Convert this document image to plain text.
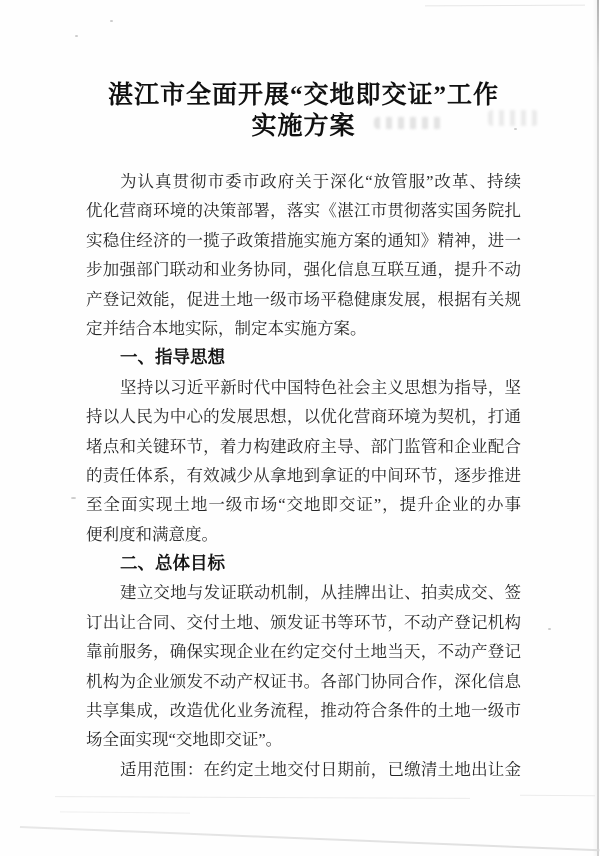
湛江市全面开展“交地即交证”工作
实施方案
为认真贯彻市委市政府关于深化“放管服”改革、持续
优化营商环境的决策部署，落实《湛江市贯彻落实国务院扎
实稳住经济的一揽子政策措施实施方案的通知》精神，进一
步加强部门联动和业务协同，强化信息互联互通，提升不动
产登记效能，促进土地一级市场平稳健康发展，根据有关规
定并结合本地实际，制定本实施方案。
一、指导思想
坚持以习近平新时代中国特色社会主义思想为指导，坚
持以人民为中心的发展思想，以优化营商环境为契机，打通
堵点和关键环节，着力构建政府主导、部门监管和企业配合
的责任体系，有效减少从拿地到拿证的中间环节，逐步推进
至全面实现土地一级市场“交地即交证”，提升企业的办事
便利度和满意度。
二、总体目标
建立交地与发证联动机制，从挂牌出让、拍卖成交、签
订出让合同、交付土地、颁发证书等环节，不动产登记机构
靠前服务，确保实现企业在约定交付土地当天，不动产登记
机构为企业颁发不动产权证书。各部门协同合作，深化信息
共享集成，改造优化业务流程，推动符合条件的土地一级市
场全面实现“交地即交证”。
适用范围：在约定土地交付日期前，已缴清土地出让金
